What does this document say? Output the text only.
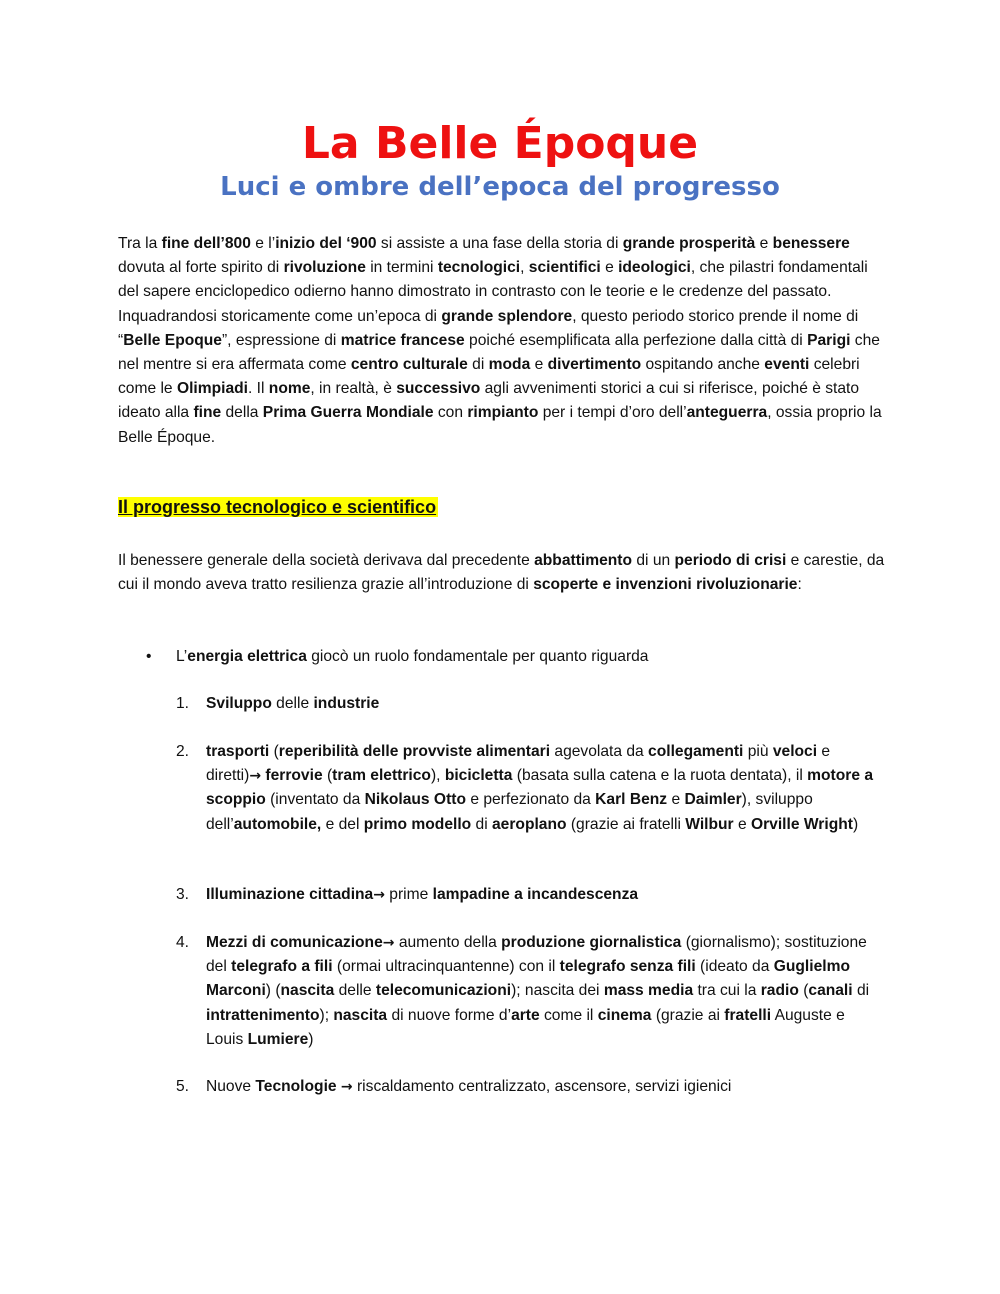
La Belle Époque
Luci e ombre dell’epoca del progresso
Tra la fine dell’800 e l’inizio del ‘900 si assiste a una fase della storia di grande prosperità e benessere dovuta al forte spirito di rivoluzione in termini tecnologici, scientifici e ideologici, che pilastri fondamentali del sapere enciclopedico odierno hanno dimostrato in contrasto con le teorie e le credenze del passato. Inquadrandosi storicamente come un’epoca di grande splendore, questo periodo storico prende il nome di “Belle Epoque”, espressione di matrice francese poiché esemplificata alla perfezione dalla città di Parigi che nel mentre si era affermata come centro culturale di moda e divertimento ospitando anche eventi celebri come le Olimpiadi. Il nome, in realtà, è successivo agli avvenimenti storici a cui si riferisce, poiché è stato ideato alla fine della Prima Guerra Mondiale con rimpianto per i tempi d’oro dell’anteguerra, ossia proprio la Belle Époque.
Il progresso tecnologico e scientifico
Il benessere generale della società derivava dal precedente abbattimento di un periodo di crisi e carestie, da cui il mondo aveva tratto resilienza grazie all’introduzione di scoperte e invenzioni rivoluzionarie:
• L’energia elettrica giocò un ruolo fondamentale per quanto riguarda
1. Sviluppo delle industrie
2. trasporti (reperibilità delle provviste alimentari agevolata da collegamenti più veloci e diretti)→ ferrovie (tram elettrico), bicicletta (basata sulla catena e la ruota dentata), il motore a scoppio (inventato da Nikolaus Otto e perfezionato da Karl Benz e Daimler), sviluppo dell’automobile, e del primo modello di aeroplano (grazie ai fratelli Wilbur e Orville Wright)
3. Illuminazione cittadina→ prime lampadine a incandescenza
4. Mezzi di comunicazione→ aumento della produzione giornalistica (giornalismo); sostituzione del telegrafo a fili (ormai ultracinquantenne) con il telegrafo senza fili (ideato da Guglielmo Marconi) (nascita delle telecomunicazioni); nascita dei mass media tra cui la radio (canali di intrattenimento); nascita di nuove forme d’arte come il cinema (grazie ai fratelli Auguste e Louis Lumiere)
5. Nuove Tecnologie → riscaldamento centralizzato, ascensore, servizi igienici
